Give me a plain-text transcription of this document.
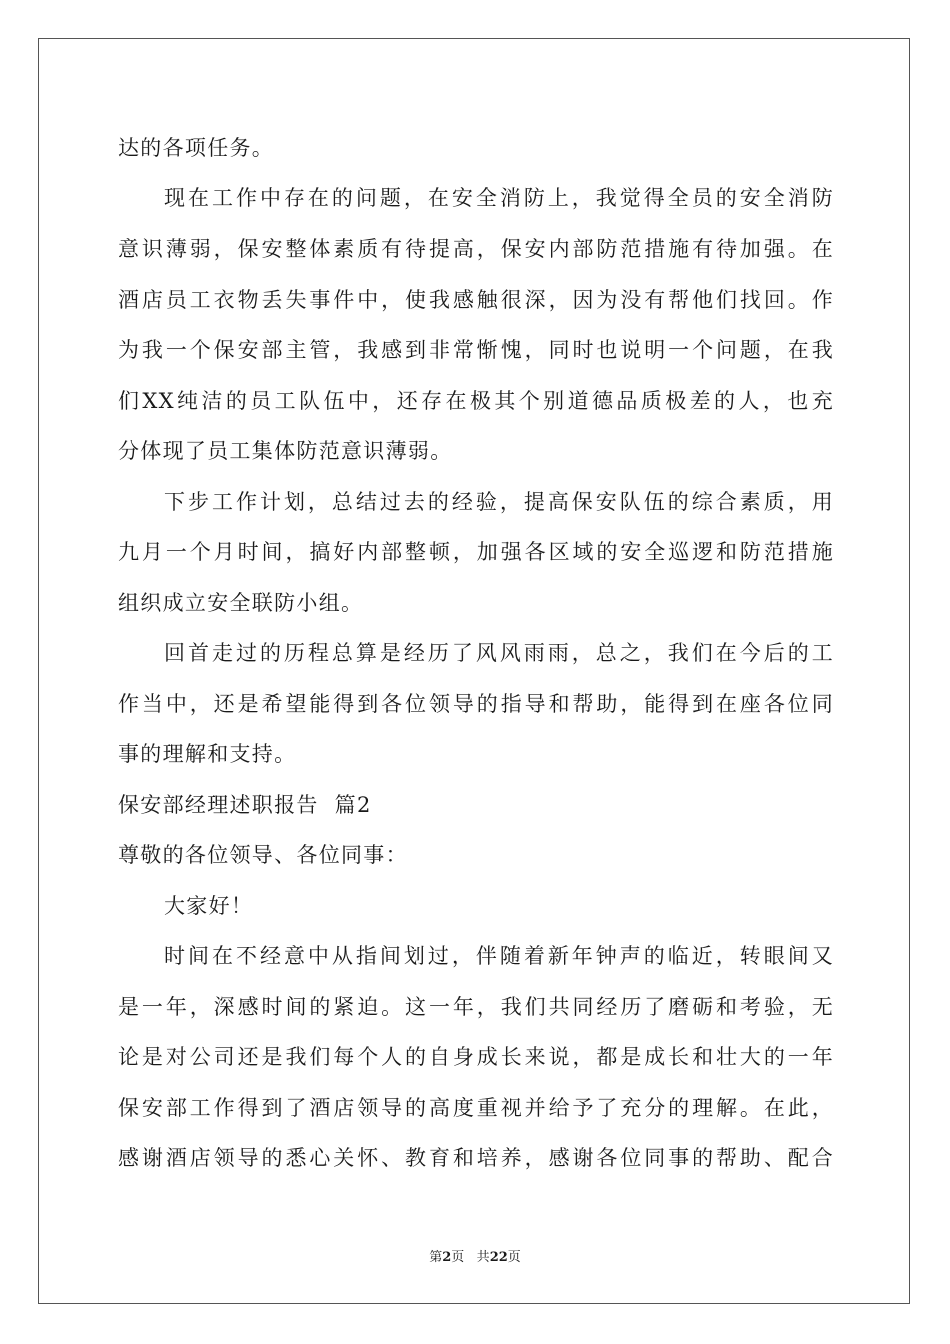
达的各项任务。
现在工作中存在的问题，在安全消防上，我觉得全员的安全消防
意识薄弱，保安整体素质有待提高，保安内部防范措施有待加强。在
酒店员工衣物丢失事件中，使我感触很深，因为没有帮他们找回。作
为我一个保安部主管，我感到非常惭愧，同时也说明一个问题，在我
们XX纯洁的员工队伍中，还存在极其个别道德品质极差的人，也充
分体现了员工集体防范意识薄弱。
下步工作计划，总结过去的经验，提高保安队伍的综合素质，用
九月一个月时间，搞好内部整顿，加强各区域的安全巡逻和防范措施
组织成立安全联防小组。
回首走过的历程总算是经历了风风雨雨，总之，我们在今后的工
作当中，还是希望能得到各位领导的指导和帮助，能得到在座各位同
事的理解和支持。
保安部经理述职报告  篇2
尊敬的各位领导、各位同事：
大家好！
时间在不经意中从指间划过，伴随着新年钟声的临近，转眼间又
是一年，深感时间的紧迫。这一年，我们共同经历了磨砺和考验，无
论是对公司还是我们每个人的自身成长来说，都是成长和壮大的一年
保安部工作得到了酒店领导的高度重视并给予了充分的理解。在此，
感谢酒店领导的悉心关怀、教育和培养，感谢各位同事的帮助、配合
第2页 共22页
